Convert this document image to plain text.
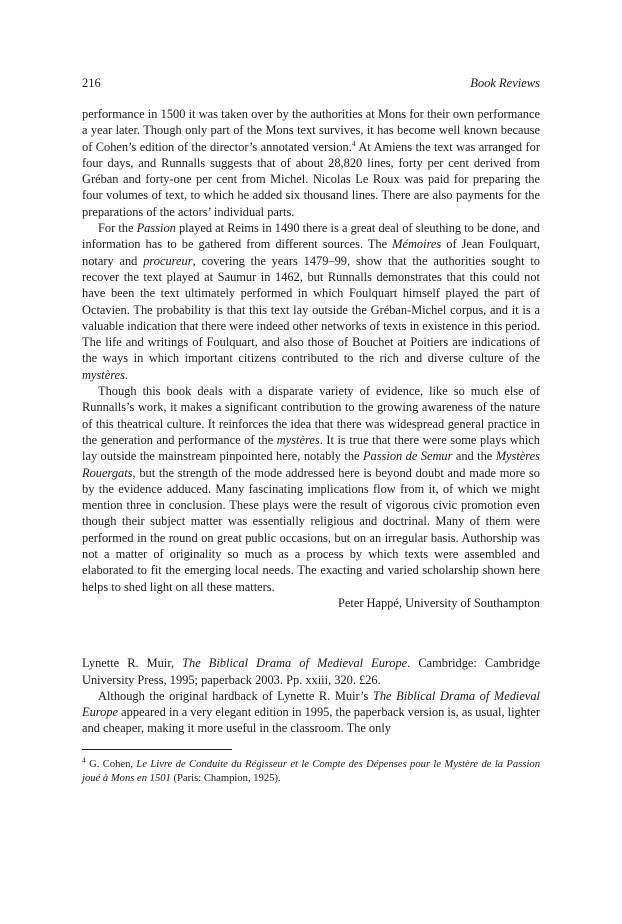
216	Book Reviews

performance in 1500 it was taken over by the authorities at Mons for their own performance a year later. Though only part of the Mons text survives, it has become well known because of Cohen’s edition of the director’s annotated version.$^4$ At Amiens the text was arranged for four days, and Runnalls suggests that of about 28,820 lines, forty per cent derived from Gréban and forty-one per cent from Michel. Nicolas Le Roux was paid for preparing the four volumes of text, to which he added six thousand lines. There are also payments for the preparations of the actors’ individual parts.

For the Passion played at Reims in 1490 there is a great deal of sleuthing to be done, and information has to be gathered from different sources. The Mémoires of Jean Foulquart, notary and procureur, covering the years 1479–99, show that the authorities sought to recover the text played at Saumur in 1462, but Runnalls demonstrates that this could not have been the text ultimately performed in which Foulquart himself played the part of Octavien. The probability is that this text lay outside the Gréban-Michel corpus, and it is a valuable indication that there were indeed other networks of texts in existence in this period. The life and writings of Foulquart, and also those of Bouchet at Poitiers are indications of the ways in which important citizens contributed to the rich and diverse culture of the mystères.

Though this book deals with a disparate variety of evidence, like so much else of Runnalls’s work, it makes a significant contribution to the growing awareness of the nature of this theatrical culture. It reinforces the idea that there was widespread general practice in the generation and performance of the mystères. It is true that there were some plays which lay outside the mainstream pinpointed here, notably the Passion de Semur and the Mystères Rouergats, but the strength of the mode addressed here is beyond doubt and made more so by the evidence adduced. Many fascinating implications flow from it, of which we might mention three in conclusion. These plays were the result of vigorous civic promotion even though their subject matter was essentially religious and doctrinal. Many of them were performed in the round on great public occasions, but on an irregular basis. Authorship was not a matter of originality so much as a process by which texts were assembled and elaborated to fit the emerging local needs. The exacting and varied scholarship shown here helps to shed light on all these matters.

Peter Happé, University of Southampton

Lynette R. Muir, The Biblical Drama of Medieval Europe. Cambridge: Cambridge University Press, 1995; paperback 2003. Pp. xxiii, 320. £26.

Although the original hardback of Lynette R. Muir’s The Biblical Drama of Medieval Europe appeared in a very elegant edition in 1995, the paperback version is, as usual, lighter and cheaper, making it more useful in the classroom. The only

$^4$ G. Cohen, Le Livre de Conduite du Régisseur et le Compte des Dépenses pour le Mystère de la Passion joué à Mons en 1501 (Paris: Champion, 1925).
